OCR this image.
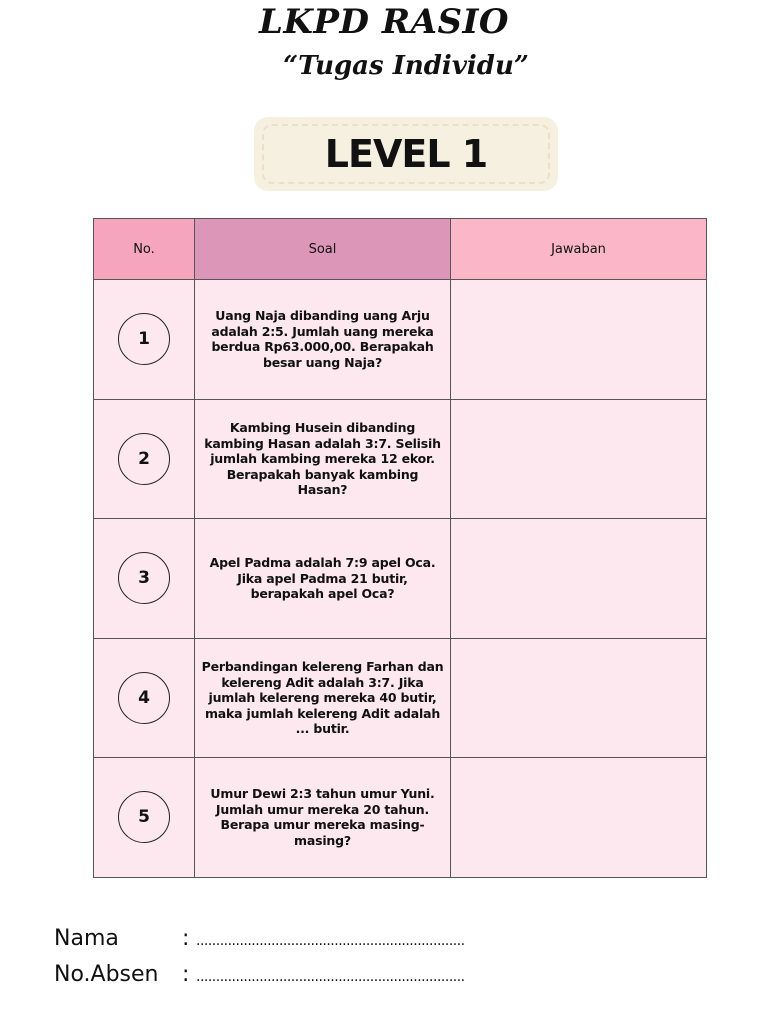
LKPD RASIO
“Tugas Individu”
LEVEL 1
No.	Soal	Jawaban

1	Uang Naja dibanding uang Arju adalah 2:5. Jumlah uang mereka berdua Rp63.000,00. Berapakah besar uang Naja?	

2	Kambing Husein dibanding kambing Hasan adalah 3:7. Selisih jumlah kambing mereka 12 ekor. Berapakah banyak kambing Hasan?	

3	Apel Padma adalah 7:9 apel Oca. Jika apel Padma 21 butir, berapakah apel Oca?	

4	Perbandingan kelereng Farhan dan kelereng Adit adalah 3:7. Jika jumlah kelereng mereka 40 butir, maka jumlah kelereng Adit adalah ... butir.	

5	Umur Dewi 2:3 tahun umur Yuni. Jumlah umur mereka 20 tahun. Berapa umur mereka masing-masing?	

Nama	: ....................................................................
No.Absen : ....................................................................
